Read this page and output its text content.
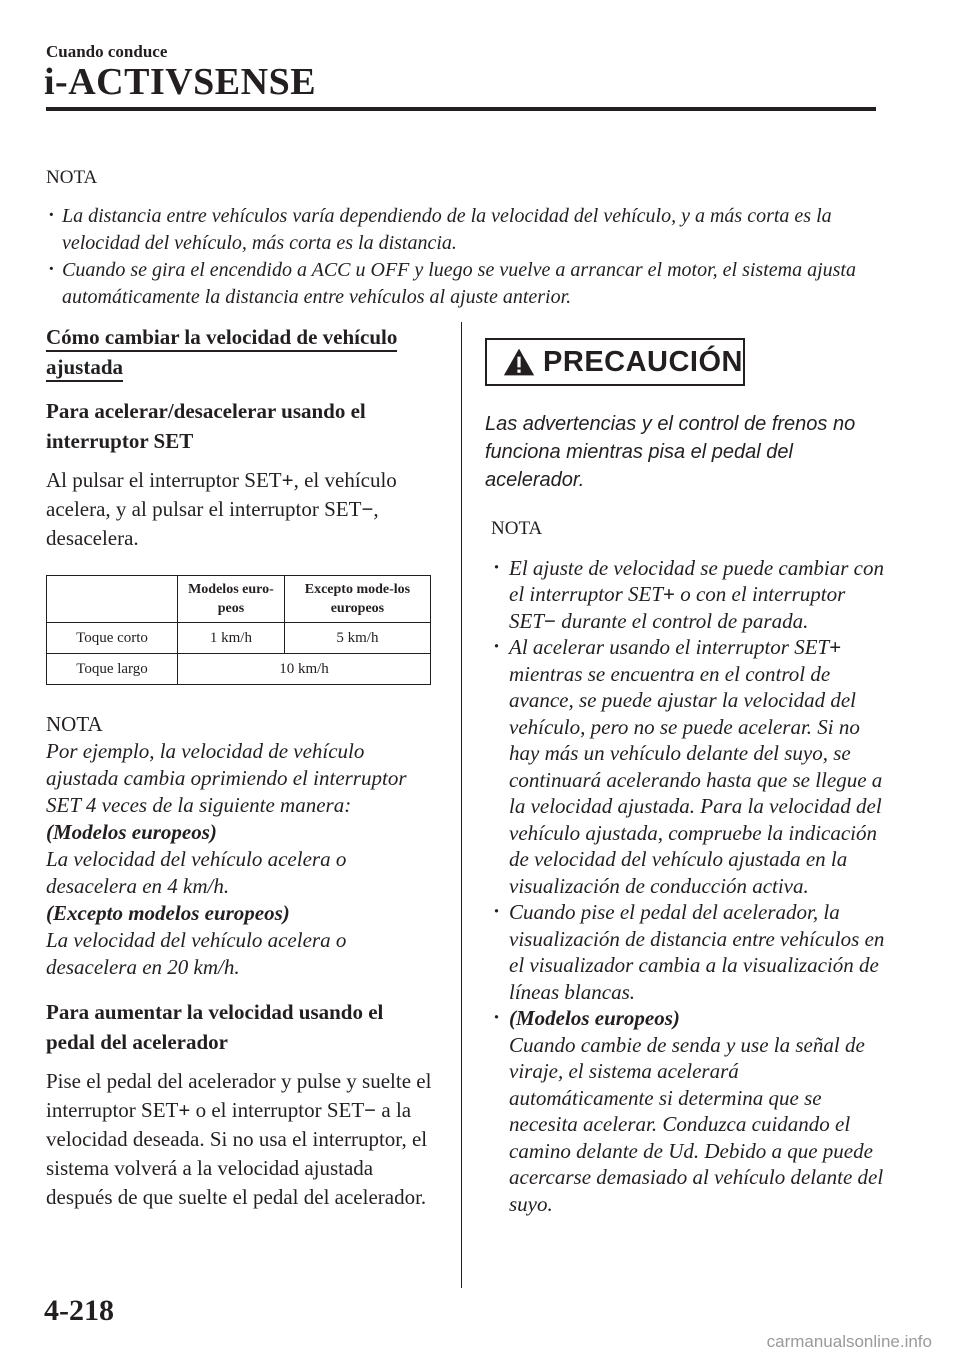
Cuando conduce
i-ACTIVSENSE
NOTA
· La distancia entre vehículos varía dependiendo de la velocidad del vehículo, y a más corta es la velocidad del vehículo, más corta es la distancia.
· Cuando se gira el encendido a ACC u OFF y luego se vuelve a arrancar el motor, el sistema ajusta automáticamente la distancia entre vehículos al ajuste anterior.
Cómo cambiar la velocidad de vehículo
ajustada
Para acelerar/desacelerar usando el interruptor SET
Al pulsar el interruptor SET+, el vehículo acelera, y al pulsar el interruptor SET−, desacelera.
	Modelos euro-peos	Excepto mode-los europeos
Toque corto	1 km/h	5 km/h
Toque largo	10 km/h	
NOTA
Por ejemplo, la velocidad de vehículo ajustada cambia oprimiendo el interruptor SET 4 veces de la siguiente manera:
(Modelos europeos)
La velocidad del vehículo acelera o desacelera en 4 km/h.
(Excepto modelos europeos)
La velocidad del vehículo acelera o desacelera en 20 km/h.
Para aumentar la velocidad usando el pedal del acelerador
Pise el pedal del acelerador y pulse y suelte el interruptor SET+ o el interruptor SET− a la velocidad deseada. Si no usa el interruptor, el sistema volverá a la velocidad ajustada después de que suelte el pedal del acelerador.
PRECAUCIÓN
Las advertencias y el control de frenos no funciona mientras pisa el pedal del acelerador.
NOTA
· El ajuste de velocidad se puede cambiar con el interruptor SET+ o con el interruptor SET− durante el control de parada.
· Al acelerar usando el interruptor SET+ mientras se encuentra en el control de avance, se puede ajustar la velocidad del vehículo, pero no se puede acelerar. Si no hay más un vehículo delante del suyo, se continuará acelerando hasta que se llegue a la velocidad ajustada. Para la velocidad del vehículo ajustada, compruebe la indicación de velocidad del vehículo ajustada en la visualización de conducción activa.
· Cuando pise el pedal del acelerador, la visualización de distancia entre vehículos en el visualizador cambia a la visualización de líneas blancas.
· (Modelos europeos)
Cuando cambie de senda y use la señal de viraje, el sistema acelerará automáticamente si determina que se necesita acelerar. Conduzca cuidando el camino delante de Ud. Debido a que puede acercarse demasiado al vehículo delante del suyo.
4-218
carmanualsonline.info
